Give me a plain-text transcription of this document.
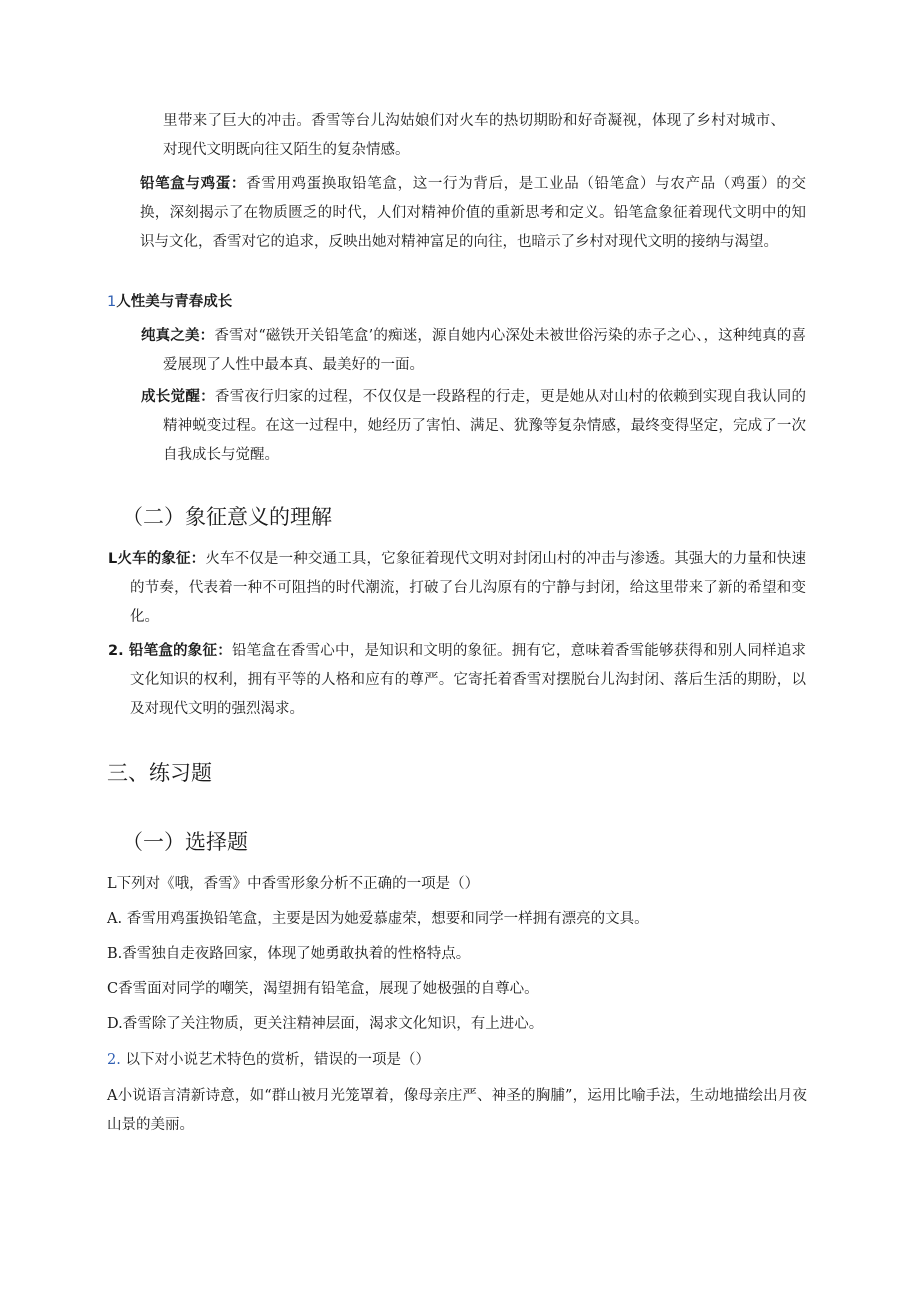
里带来了巨大的冲击。香雪等台儿沟姑娘们对火车的热切期盼和好奇凝视，体现了乡村对城市、对现代文明既向往又陌生的复杂情感。

铅笔盒与鸡蛋：香雪用鸡蛋换取铅笔盒，这一行为背后，是工业品（铅笔盒）与农产品（鸡蛋）的交换，深刻揭示了在物质匮乏的时代，人们对精神价值的重新思考和定义。铅笔盒象征着现代文明中的知识与文化，香雪对它的追求，反映出她对精神富足的向往，也暗示了乡村对现代文明的接纳与渴望。

1人性美与青春成长

纯真之美：香雪对“磁铁开关铅笔盒’的痴迷，源自她内心深处未被世俗污染的赤子之心、，这种纯真的喜爱展现了人性中最本真、最美好的一面。

成长觉醒：香雪夜行归家的过程，不仅仅是一段路程的行走，更是她从对山村的依赖到实现自我认同的精神蜕变过程。在这一过程中，她经历了害怕、满足、犹豫等复杂情感，最终变得坚定，完成了一次自我成长与觉醒。

（二）象征意义的理解

L火车的象征：火车不仅是一种交通工具，它象征着现代文明对封闭山村的冲击与渗透。其强大的力量和快速的节奏，代表着一种不可阻挡的时代潮流，打破了台儿沟原有的宁静与封闭，给这里带来了新的希望和变化。

2. 铅笔盒的象征：铅笔盒在香雪心中，是知识和文明的象征。拥有它，意味着香雪能够获得和别人同样追求文化知识的权利，拥有平等的人格和应有的尊严。它寄托着香雪对摆脱台儿沟封闭、落后生活的期盼，以及对现代文明的强烈渴求。

三、练习题
（一）选择题

L下列对《哦，香雪》中香雪形象分析不正确的一项是（）

A. 香雪用鸡蛋换铅笔盒，主要是因为她爱慕虚荣，想要和同学一样拥有漂亮的文具。

B.香雪独自走夜路回家，体现了她勇敢执着的性格特点。

C香雪面对同学的嘲笑，渴望拥有铅笔盒，展现了她极强的自尊心。

D.香雪除了关注物质，更关注精神层面，渴求文化知识，有上进心。

2. 以下对小说艺术特色的赏析，错误的一项是（）

A小说语言清新诗意，如“群山被月光笼罩着，像母亲庄严、神圣的胸脯”，运用比喻手法，生动地描绘出月夜山景的美丽。
